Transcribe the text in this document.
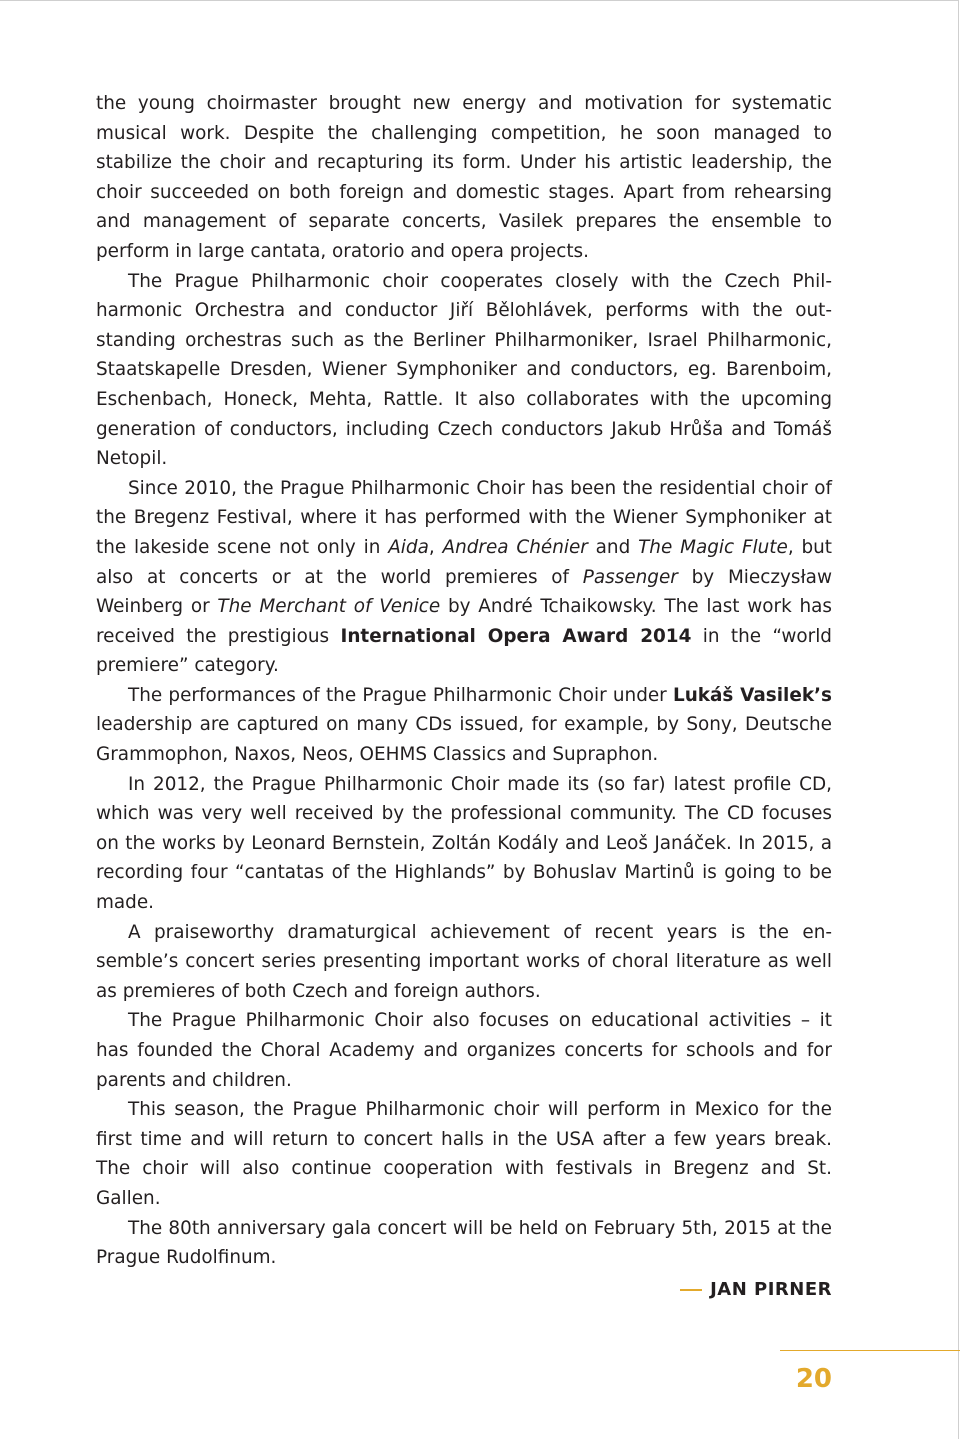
the young choirmaster brought new energy and motivation for systematic musical work. Despite the challenging competition, he soon managed to stabilize the choir and recapturing its form. Under his artistic leadership, the choir succeeded on both foreign and domestic stages. Apart from rehearsing and management of separate concerts, Vasilek prepares the ensemble to perform in large cantata, oratorio and opera projects.

The Prague Philharmonic choir cooperates closely with the Czech Philharmonic Orchestra and conductor Jiří Bělohlávek, performs with the outstanding orchestras such as the Berliner Philharmoniker, Israel Philharmonic, Staatskapelle Dresden, Wiener Symphoniker and conductors, eg. Barenboim, Eschenbach, Honeck, Mehta, Rattle. It also collaborates with the upcoming generation of conductors, including Czech conductors Jakub Hrůša and Tomáš Netopil.

Since 2010, the Prague Philharmonic Choir has been the residential choir of the Bregenz Festival, where it has performed with the Wiener Symphoniker at the lakeside scene not only in Aida, Andrea Chénier and The Magic Flute, but also at concerts or at the world premieres of Passenger by Mieczysław Weinberg or The Merchant of Venice by André Tchaikowsky. The last work has received the prestigious International Opera Award 2014 in the “world premiere” category.

The performances of the Prague Philharmonic Choir under Lukáš Vasilek’s leadership are captured on many CDs issued, for example, by Sony, Deutsche Grammophon, Naxos, Neos, OEHMS Classics and Supraphon.

In 2012, the Prague Philharmonic Choir made its (so far) latest profile CD, which was very well received by the professional community. The CD focuses on the works by Leonard Bernstein, Zoltán Kodály and Leoš Janáček. In 2015, a recording four “cantatas of the Highlands” by Bohuslav Martinů is going to be made.

A praiseworthy dramaturgical achievement of recent years is the ensemble’s concert series presenting important works of choral literature as well as premieres of both Czech and foreign authors.

The Prague Philharmonic Choir also focuses on educational activities – it has founded the Choral Academy and organizes concerts for schools and for parents and children.

This season, the Prague Philharmonic choir will perform in Mexico for the first time and will return to concert halls in the USA after a few years break. The choir will also continue cooperation with festivals in Bregenz and St. Gallen.

The 80th anniversary gala concert will be held on February 5th, 2015 at the Prague Rudolfinum.

JAN PIRNER
20
